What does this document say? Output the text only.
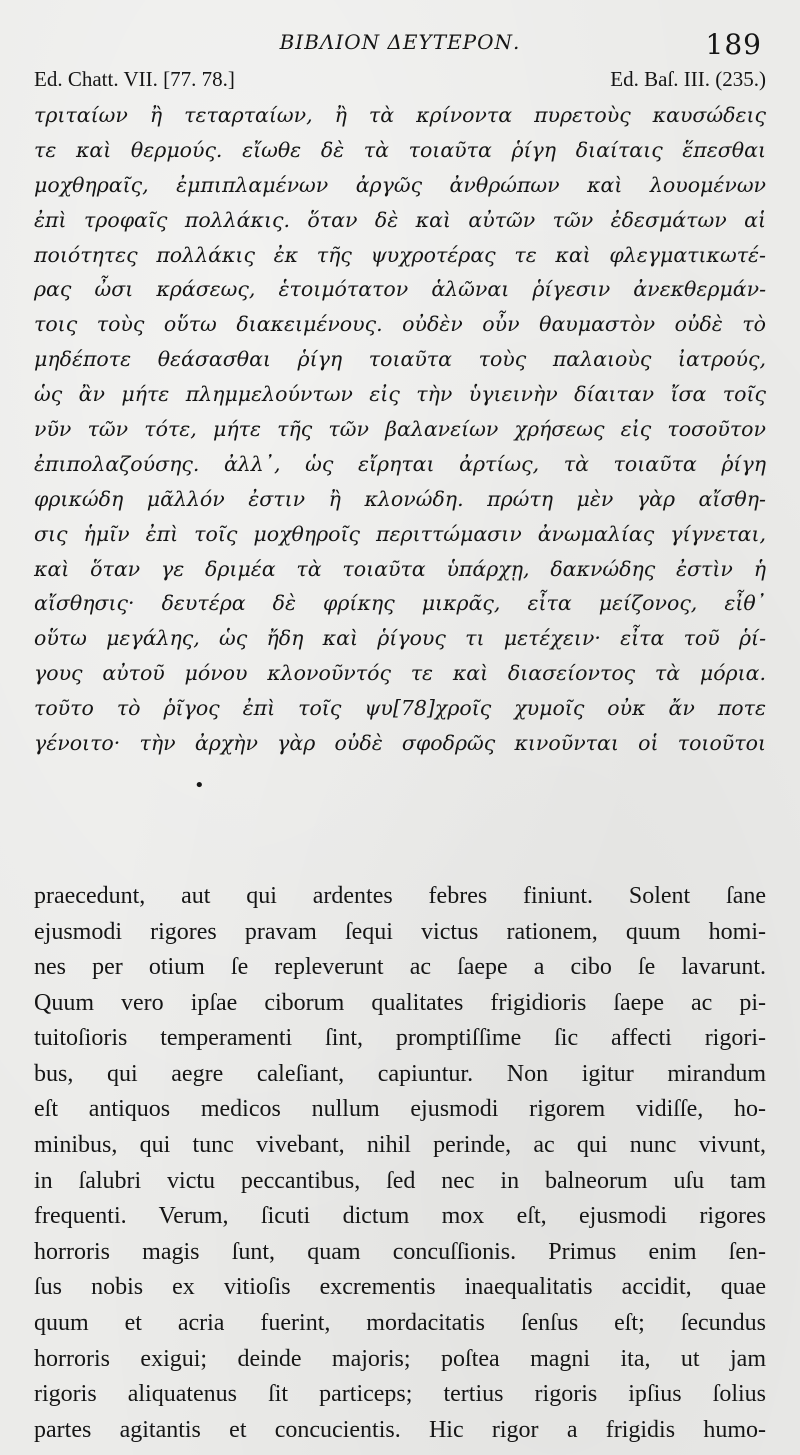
ΒΙΒΛΙΟΝ ΔΕΥΤΕΡΟΝ.	189
Ed. Chatt. VII. [77. 78.]	Ed. Baſ. III. (235.)
τριταίων ἢ τεταρταίων, ἢ τὰ κρίνοντα πυρετοὺς καυσώδεις
τε καὶ θερμούς. εἴωθε δὲ τὰ τοιαῦτα ῥίγη διαίταις ἕπεσθαι
μοχθηραῖς, ἐμπιπλαμένων ἀργῶς ἀνθρώπων καὶ λουομένων
ἐπὶ τροφαῖς πολλάκις. ὅταν δὲ καὶ αὐτῶν τῶν ἐδεσμάτων αἱ
ποιότητες πολλάκις ἐκ τῆς ψυχροτέρας τε καὶ φλεγματικωτέ-
ρας ὦσι κράσεως, ἑτοιμότατον ἁλῶναι ῥίγεσιν ἀνεκθερμάν-
τοις τοὺς οὕτω διακειμένους. οὐδὲν οὖν θαυμαστὸν οὐδὲ τὸ
μηδέποτε θεάσασθαι ῥίγη τοιαῦτα τοὺς παλαιοὺς ἰατρούς,
ὡς ἂν μήτε πλημμελούντων εἰς τὴν ὑγιεινὴν δίαιταν ἴσα τοῖς
νῦν τῶν τότε, μήτε τῆς τῶν βαλανείων χρήσεως εἰς τοσοῦτον
ἐπιπολαζούσης. ἀλλ᾽, ὡς εἴρηται ἀρτίως, τὰ τοιαῦτα ῥίγη
φρικώδη μᾶλλόν ἐστιν ἢ κλονώδη. πρώτη μὲν γὰρ αἴσθη-
σις ἡμῖν ἐπὶ τοῖς μοχθηροῖς περιττώμασιν ἀνωμαλίας γίγνεται,
καὶ ὅταν γε δριμέα τὰ τοιαῦτα ὑπάρχῃ, δακνώδης ἐστὶν ἡ
αἴσθησις· δευτέρα δὲ φρίκης μικρᾶς, εἶτα μείζονος, εἶθ᾽
οὕτω μεγάλης, ὡς ἤδη καὶ ῥίγους τι μετέχειν· εἶτα τοῦ ῥί-
γους αὐτοῦ μόνου κλονοῦντός τε καὶ διασείοντος τὰ μόρια.
τοῦτο τὸ ῥῖγος ἐπὶ τοῖς ψυ[78]χροῖς χυμοῖς οὐκ ἄν ποτε
γένοιτο· τὴν ἀρχὴν γὰρ οὐδὲ σφοδρῶς κινοῦνται οἱ τοιοῦτοι
•
praecedunt, aut qui ardentes febres finiunt. Solent ſane
ejusmodi rigores pravam ſequi victus rationem, quum homi-
nes per otium ſe repleverunt ac ſaepe a cibo ſe lavarunt.
Quum vero ipſae ciborum qualitates frigidioris ſaepe ac pi-
tuitoſioris temperamenti ſint, promptiſſime ſic affecti rigori-
bus, qui aegre caleſiant, capiuntur. Non igitur mirandum
eſt antiquos medicos nullum ejusmodi rigorem vidiſſe, ho-
minibus, qui tunc vivebant, nihil perinde, ac qui nunc vivunt,
in ſalubri victu peccantibus, ſed nec in balneorum uſu tam
frequenti. Verum, ſicuti dictum mox eſt, ejusmodi rigores
horroris magis ſunt, quam concuſſionis. Primus enim ſen-
ſus nobis ex vitioſis excrementis inaequalitatis accidit, quae
quum et acria fuerint, mordacitatis ſenſus eſt; ſecundus
horroris exigui; deinde majoris; poſtea magni ita, ut jam
rigoris aliquatenus ſit particeps; tertius rigoris ipſius ſolius
partes agitantis et concucientis. Hic rigor a frigidis humo-
